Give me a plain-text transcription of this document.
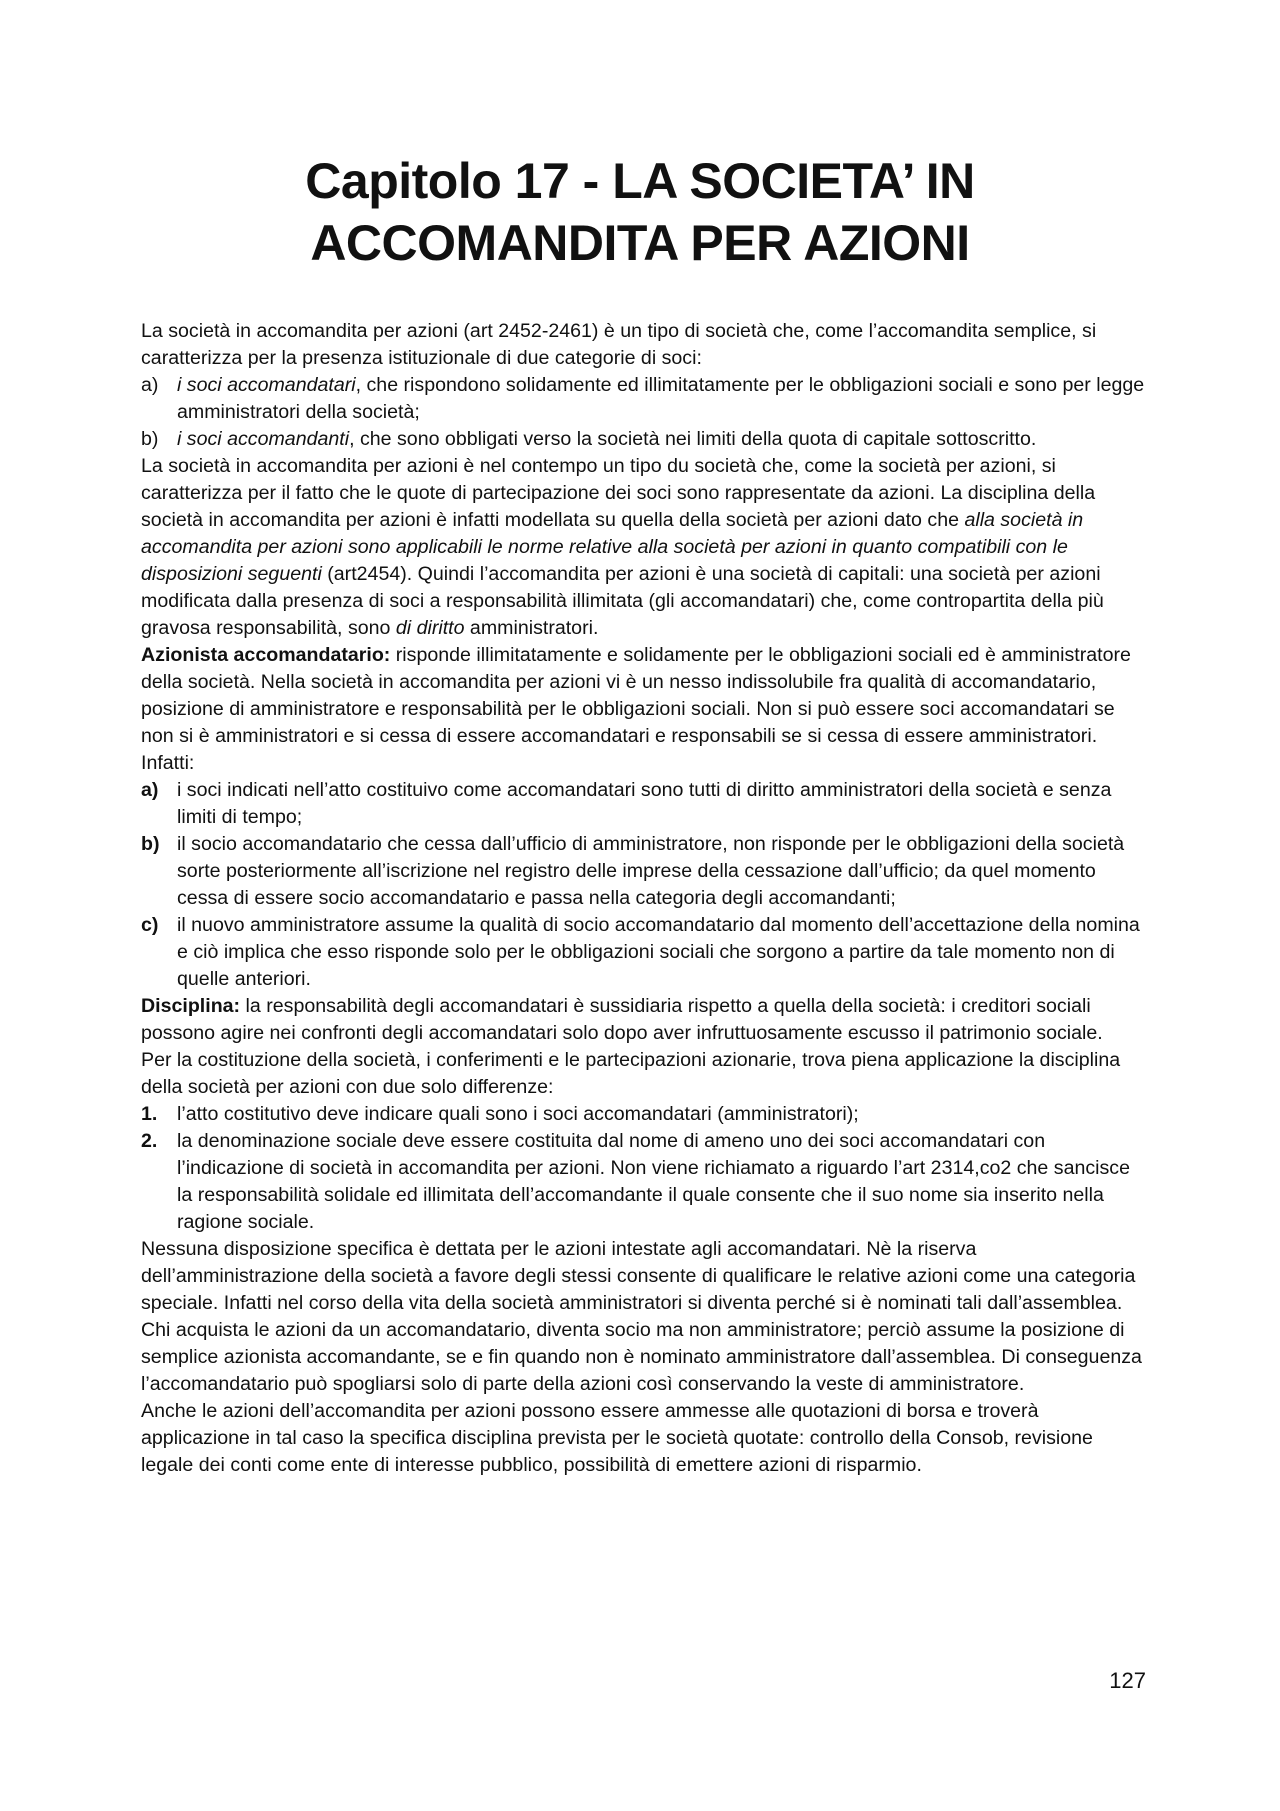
Capitolo 17 - LA SOCIETA’ IN
ACCOMANDITA PER AZIONI

La società in accomandita per azioni (art 2452-2461) è un tipo di società che, come l’accomandita semplice, si caratterizza per la presenza istituzionale di due categorie di soci:

a) i soci accomandatari, che rispondono solidamente ed illimitatamente per le obbligazioni sociali e sono per legge amministratori della società;
b) i soci accomandanti, che sono obbligati verso la società nei limiti della quota di capitale sottoscritto.

La società in accomandita per azioni è nel contempo un tipo du società che, come la società per azioni, si caratterizza per il fatto che le quote di partecipazione dei soci sono rappresentate da azioni. La disciplina della società in accomandita per azioni è infatti modellata su quella della società per azioni dato che alla società in accomandita per azioni sono applicabili le norme relative alla società per azioni in quanto compatibili con le disposizioni seguenti (art2454). Quindi l’accomandita per azioni è una società di capitali: una società per azioni modificata dalla presenza di soci a responsabilità illimitata (gli accomandatari) che, come contropartita della più gravosa responsabilità, sono di diritto amministratori.

Azionista accomandatario: risponde illimitatamente e solidamente per le obbligazioni sociali ed è amministratore della società. Nella società in accomandita per azioni vi è un nesso indissolubile fra qualità di accomandatario, posizione di amministratore e responsabilità per le obbligazioni sociali. Non si può essere soci accomandatari se non si è amministratori e si cessa di essere accomandatari e responsabili se si cessa di essere amministratori. Infatti:

a) i soci indicati nell’atto costituivo come accomandatari sono tutti di diritto amministratori della società e senza limiti di tempo;
b) il socio accomandatario che cessa dall’ufficio di amministratore, non risponde per le obbligazioni della società sorte posteriormente all’iscrizione nel registro delle imprese della cessazione dall’ufficio; da quel momento cessa di essere socio accomandatario e passa nella categoria degli accomandanti;
c) il nuovo amministratore assume la qualità di socio accomandatario dal momento dell’accettazione della nomina e ciò implica che esso risponde solo per le obbligazioni sociali che sorgono a partire da tale momento non di quelle anteriori.

Disciplina: la responsabilità degli accomandatari è sussidiaria rispetto a quella della società: i creditori sociali possono agire nei confronti degli accomandatari solo dopo aver infruttuosamente escusso il patrimonio sociale.

Per la costituzione della società, i conferimenti e le partecipazioni azionarie, trova piena applicazione la disciplina della società per azioni con due solo differenze:

1. l’atto costitutivo deve indicare quali sono i soci accomandatari (amministratori);
2. la denominazione sociale deve essere costituita dal nome di ameno uno dei soci accomandatari con l’indicazione di società in accomandita per azioni. Non viene richiamato a riguardo l’art 2314,co2 che sancisce la responsabilità solidale ed illimitata dell’accomandante il quale consente che il suo nome sia inserito nella ragione sociale.

Nessuna disposizione specifica è dettata per le azioni intestate agli accomandatari. Nè la riserva dell’amministrazione della società a favore degli stessi consente di qualificare le relative azioni come una categoria speciale. Infatti nel corso della vita della società amministratori si diventa perché si è nominati tali dall’assemblea. Chi acquista le azioni da un accomandatario, diventa socio ma non amministratore; perciò assume la posizione di semplice azionista accomandante, se e fin quando non è nominato amministratore dall’assemblea. Di conseguenza l’accomandatario può spogliarsi solo di parte della azioni così conservando la veste di amministratore.

Anche le azioni dell’accomandita per azioni possono essere ammesse alle quotazioni di borsa e troverà applicazione in tal caso la specifica disciplina prevista per le società quotate: controllo della Consob, revisione legale dei conti come ente di interesse pubblico, possibilità di emettere azioni di risparmio.

127
